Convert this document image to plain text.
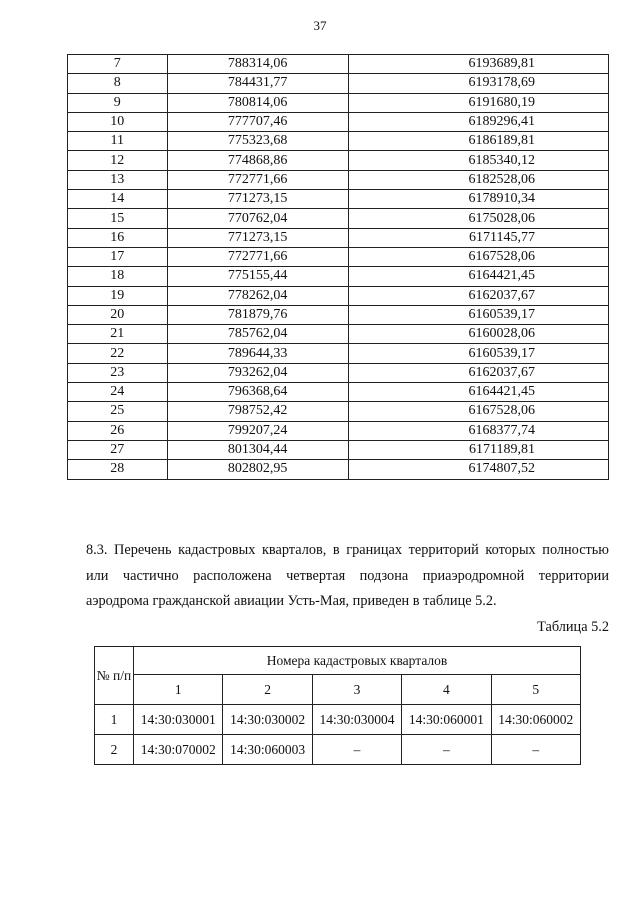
37
7	788314,06	6193689,81
8	784431,77	6193178,69
9	780814,06	6191680,19
10	777707,46	6189296,41
11	775323,68	6186189,81
12	774868,86	6185340,12
13	772771,66	6182528,06
14	771273,15	6178910,34
15	770762,04	6175028,06
16	771273,15	6171145,77
17	772771,66	6167528,06
18	775155,44	6164421,45
19	778262,04	6162037,67
20	781879,76	6160539,17
21	785762,04	6160028,06
22	789644,33	6160539,17
23	793262,04	6162037,67
24	796368,64	6164421,45
25	798752,42	6167528,06
26	799207,24	6168377,74
27	801304,44	6171189,81
28	802802,95	6174807,52
8.3. Перечень кадастровых кварталов, в границах территорий которых полностью или частично расположена четвертая подзона приаэродромной территории аэродрома гражданской авиации Усть-Мая, приведен в таблице 5.2.
Таблица 5.2
№ п/п	Номера кадастровых кварталов				
	1	2	3	4	5
1	14:30:030001	14:30:030002	14:30:030004	14:30:060001	14:30:060002
2	14:30:070002	14:30:060003	–	–	–
